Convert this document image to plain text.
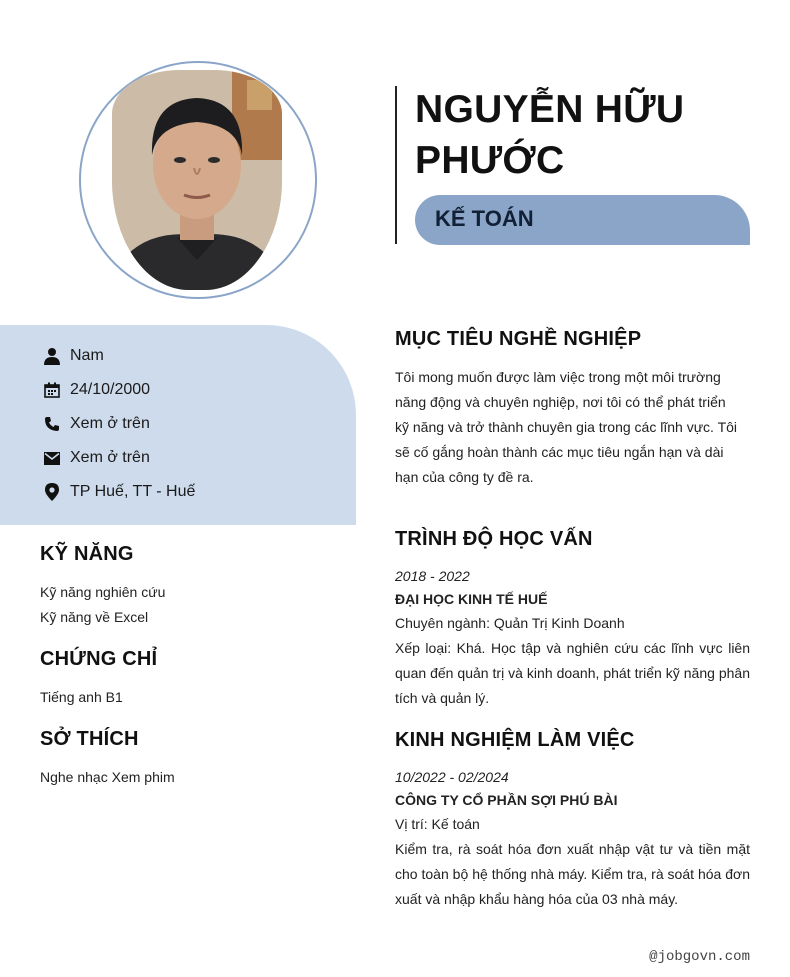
NGUYỄN HỮU PHƯỚC
KẾ TOÁN
Nam
24/10/2000
Xem ở trên
Xem ở trên
TP Huế, TT - Huế
KỸ NĂNG
Kỹ năng nghiên cứu
Kỹ năng về Excel
CHỨNG CHỈ
Tiếng anh B1
SỞ THÍCH
Nghe nhạc Xem phim
MỤC TIÊU NGHỀ NGHIỆP
Tôi mong muốn được làm việc trong một môi trường năng động và chuyên nghiệp, nơi tôi có thể phát triển kỹ năng và trở thành chuyên gia trong các lĩnh vực. Tôi sẽ cố gắng hoàn thành các mục tiêu ngắn hạn và dài hạn của công ty đề ra.
TRÌNH ĐỘ HỌC VẤN
2018 - 2022
ĐẠI HỌC KINH TẾ HUẾ
Chuyên ngành: Quản Trị Kinh Doanh
Xếp loại: Khá. Học tập và nghiên cứu các lĩnh vực liên quan đến quản trị và kinh doanh, phát triển kỹ năng phân tích và quản lý.
KINH NGHIỆM LÀM VIỆC
10/2022 - 02/2024
CÔNG TY CỔ PHẦN SỢI PHÚ BÀI
Vị trí: Kế toán
Kiểm tra, rà soát hóa đơn xuất nhập vật tư và tiền mặt cho toàn bộ hệ thống nhà máy. Kiểm tra, rà soát hóa đơn xuất và nhập khẩu hàng hóa của 03 nhà máy.
@jobgovn.com
